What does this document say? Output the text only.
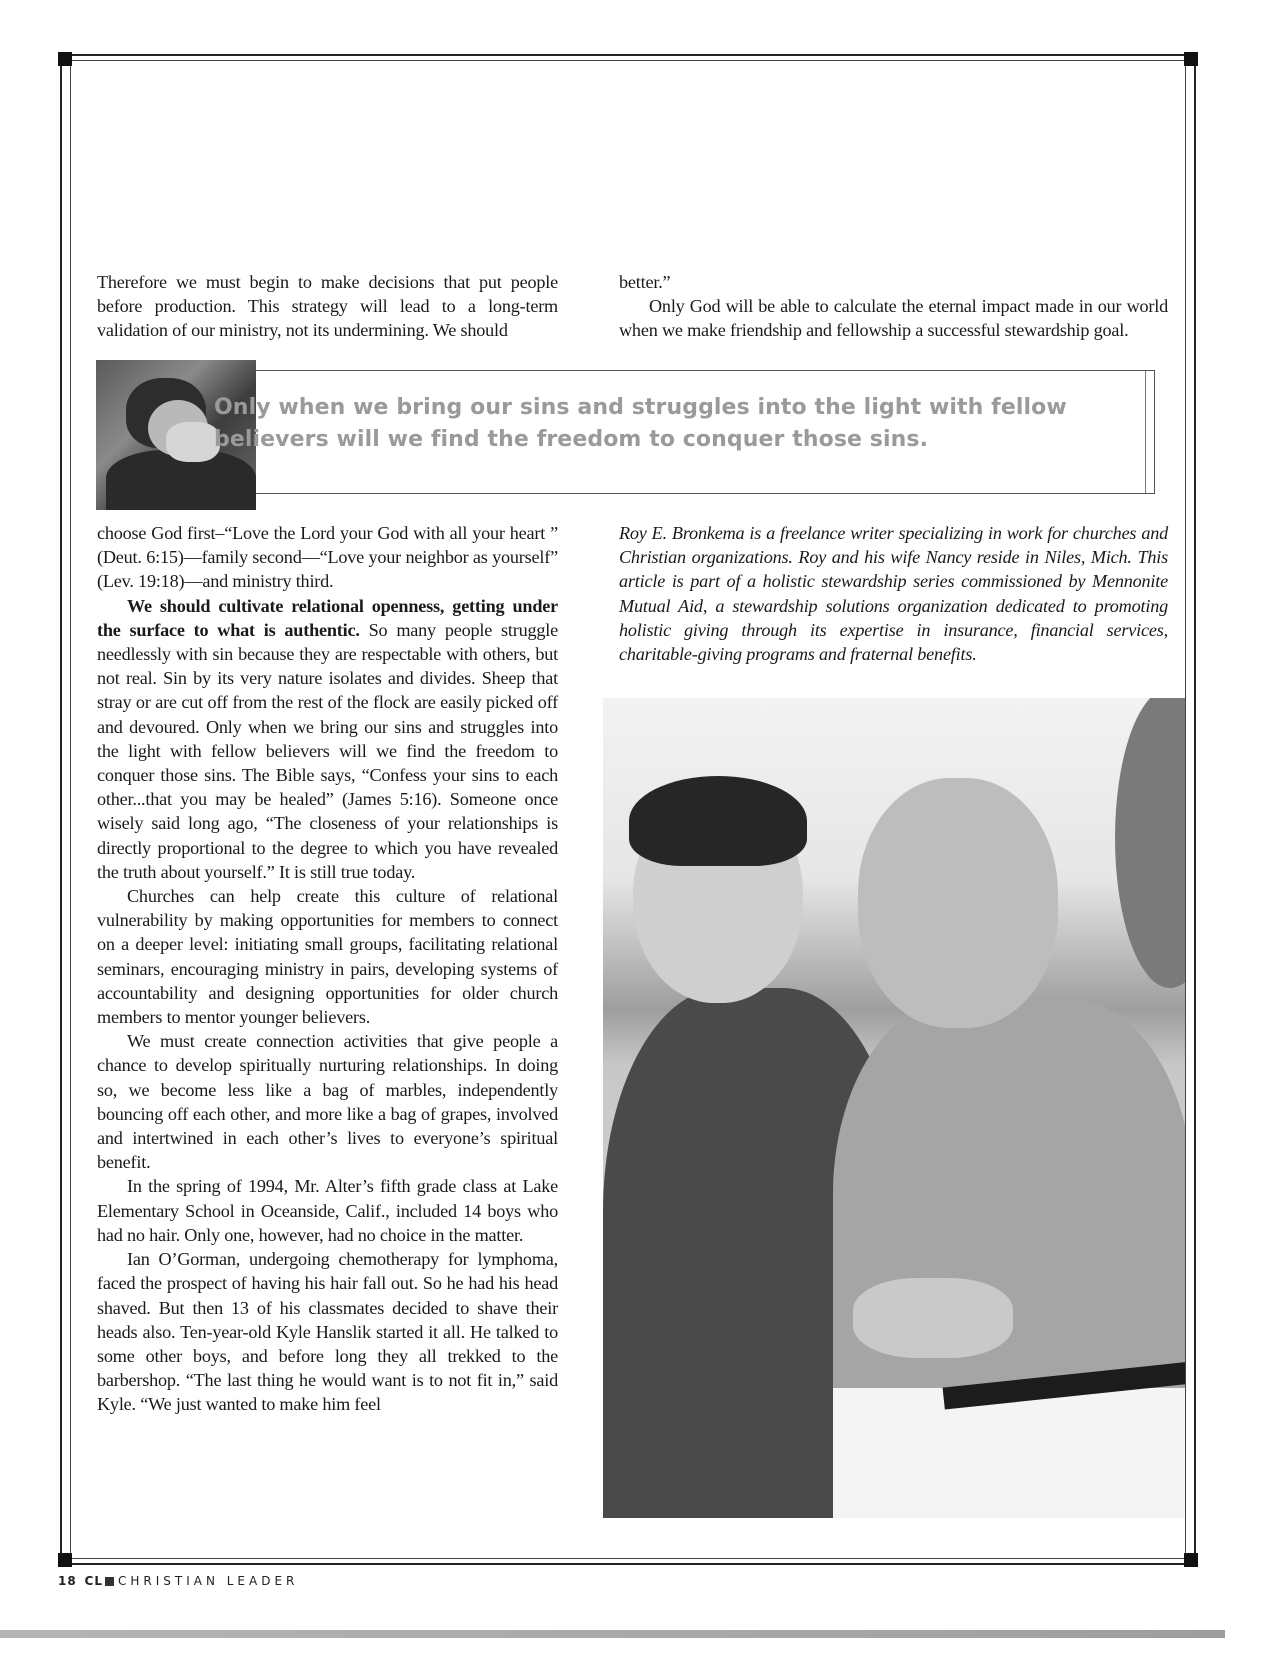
Therefore we must begin to make decisions that put people before production. This strategy will lead to a long-term validation of our ministry, not its undermining. We should

better.”

Only God will be able to calculate the eternal impact made in our world when we make friendship and fellowship a successful stewardship goal.

Only when we bring our sins and struggles into the light with fellow believers will we find the freedom to conquer those sins.

choose God first–“Love the Lord your God with all your heart ” (Deut. 6:15)—family second—“Love your neighbor as yourself” (Lev. 19:18)—and ministry third.

We should cultivate relational openness, getting under the surface to what is authentic. So many people struggle needlessly with sin because they are respectable with others, but not real. Sin by its very nature isolates and divides. Sheep that stray or are cut off from the rest of the flock are easily picked off and devoured. Only when we bring our sins and struggles into the light with fellow believers will we find the freedom to conquer those sins. The Bible says, “Confess your sins to each other...that you may be healed” (James 5:16). Someone once wisely said long ago, “The closeness of your relationships is directly proportional to the degree to which you have revealed the truth about yourself.” It is still true today.

Churches can help create this culture of relational vulnerability by making opportunities for members to connect on a deeper level: initiating small groups, facilitating relational seminars, encouraging ministry in pairs, developing systems of accountability and designing opportunities for older church members to mentor younger believers.

We must create connection activities that give people a chance to develop spiritually nurturing relationships. In doing so, we become less like a bag of marbles, independently bouncing off each other, and more like a bag of grapes, involved and intertwined in each other’s lives to everyone’s spiritual benefit.

In the spring of 1994, Mr. Alter’s fifth grade class at Lake Elementary School in Oceanside, Calif., included 14 boys who had no hair. Only one, however, had no choice in the matter.

Ian O’Gorman, undergoing chemotherapy for lymphoma, faced the prospect of having his hair fall out. So he had his head shaved. But then 13 of his classmates decided to shave their heads also. Ten-year-old Kyle Hanslik started it all. He talked to some other boys, and before long they all trekked to the barbershop. “The last thing he would want is to not fit in,” said Kyle. “We just wanted to make him feel

Roy E. Bronkema is a freelance writer specializing in work for churches and Christian organizations. Roy and his wife Nancy reside in Niles, Mich. This article is part of a holistic stewardship series commissioned by Mennonite Mutual Aid, a stewardship solutions organization dedicated to promoting holistic giving through its expertise in insurance, financial services, charitable-giving programs and fraternal benefits.

18 CL CHRISTIAN LEADER
